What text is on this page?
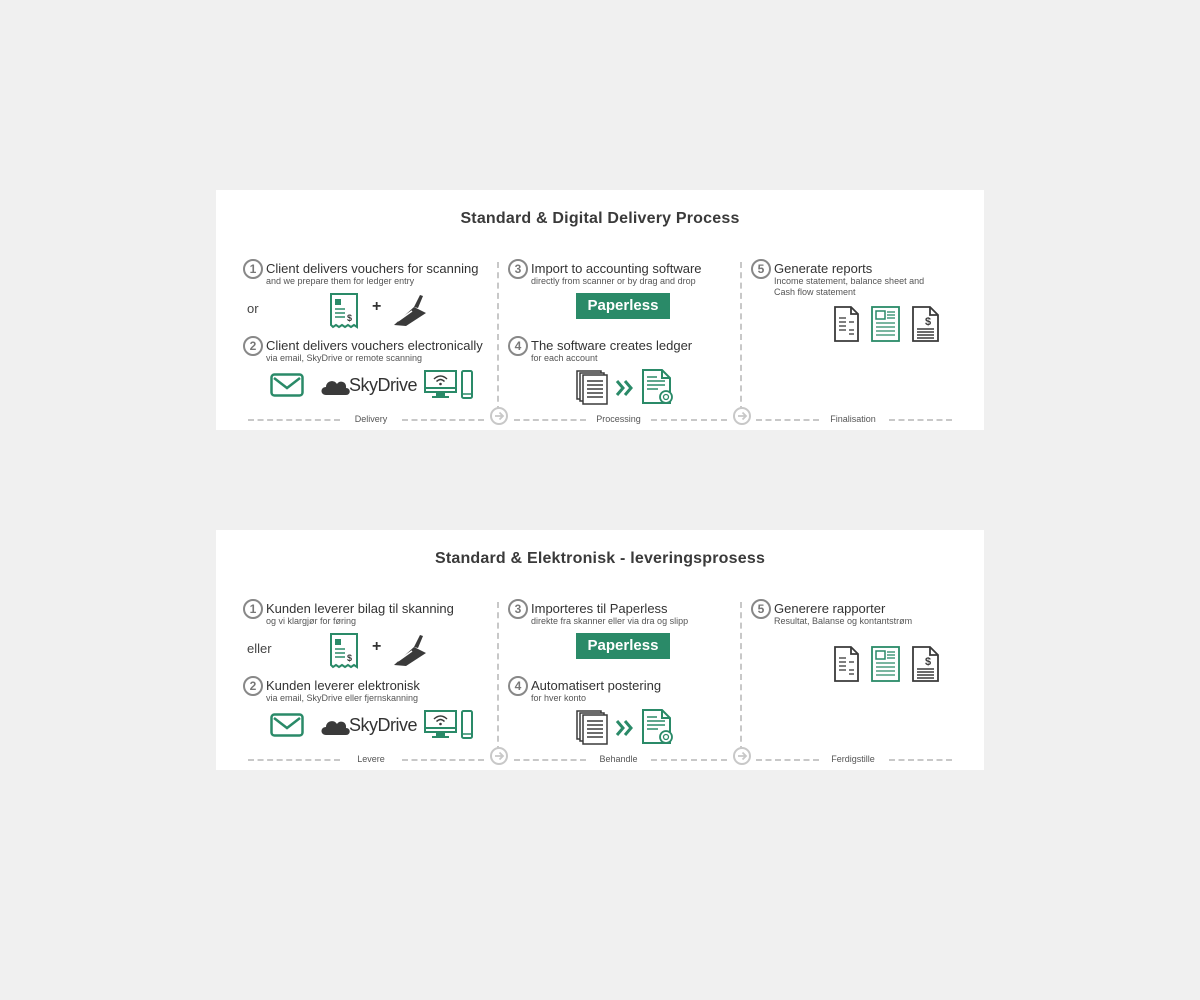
Standard & Digital Delivery Process
1 Client delivers vouchers for scanning
and we prepare them for ledger entry
or
$
+
2 Client delivers vouchers electronically
via email, SkyDrive or remote scanning
SkyDrive
3 Import to accounting software
directly from scanner or by drag and drop
Paperless
4 The software creates ledger
for each account
5 Generate reports
Income statement, balance sheet and
Cash flow statement
$
Delivery	Processing	Finalisation
Standard & Elektronisk - leveringsprosess
1 Kunden leverer bilag til skanning
og vi klargjør for føring
eller
$
+
2 Kunden leverer elektronisk
via email, SkyDrive eller fjernskanning
SkyDrive
3 Importeres til Paperless
direkte fra skanner eller via dra og slipp
Paperless
4 Automatisert postering
for hver konto
5 Generere rapporter
Resultat, Balanse og kontantstrøm
$
Levere	Behandle	Ferdigstille
